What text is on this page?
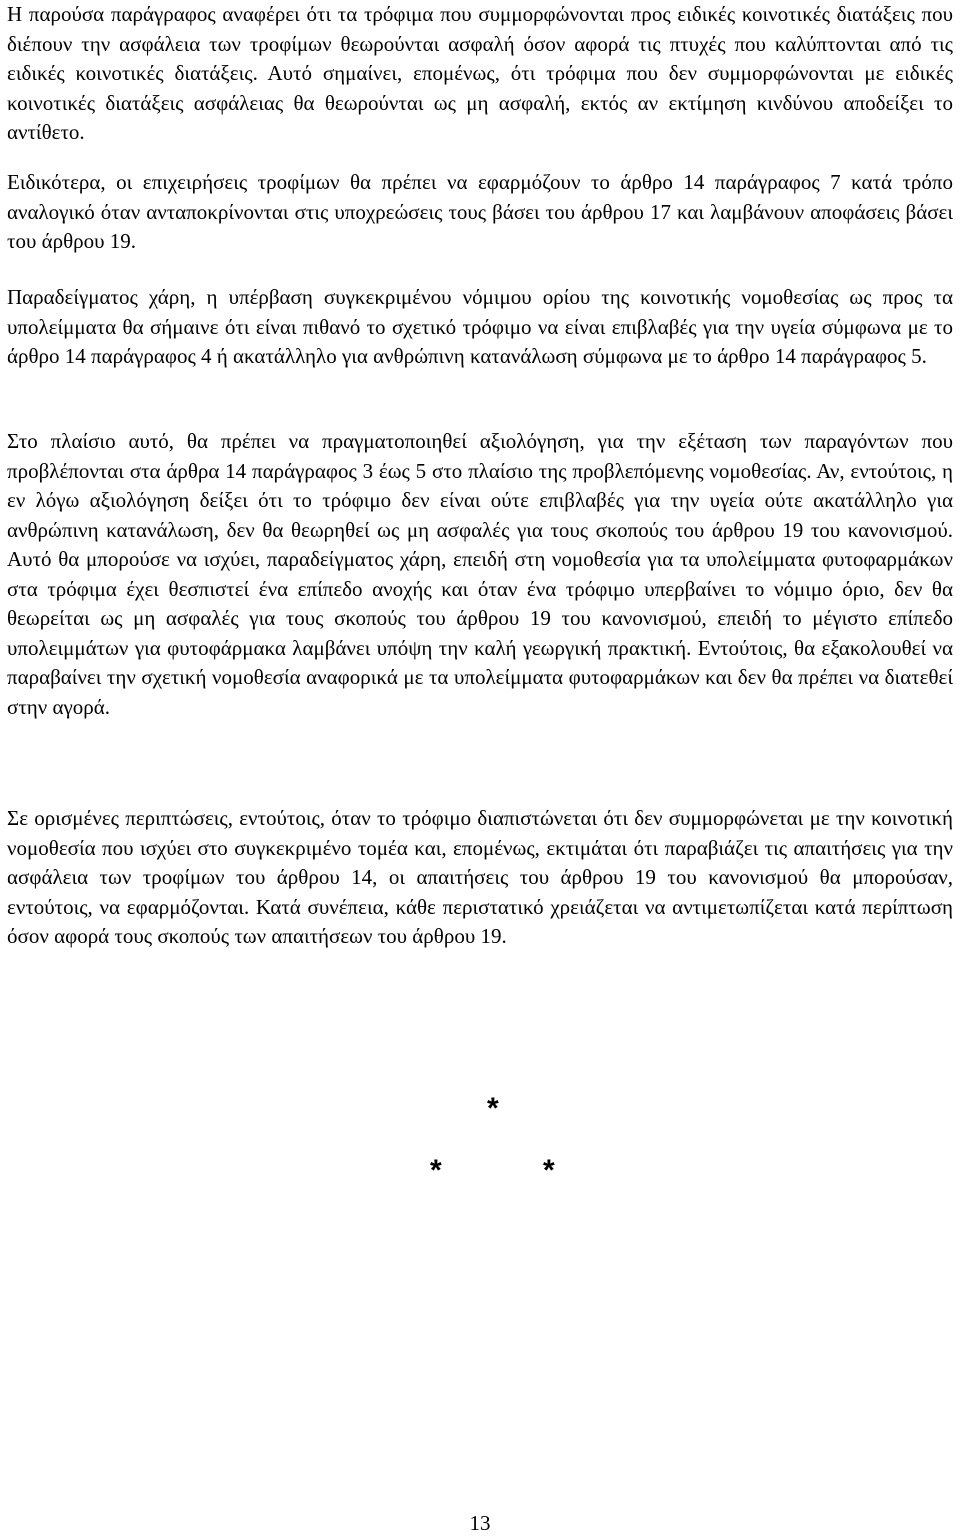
Η παρούσα παράγραφος αναφέρει ότι τα τρόφιμα που συμμορφώνονται προς ειδικές κοινοτικές διατάξεις που διέπουν την ασφάλεια των τροφίμων θεωρούνται ασφαλή όσον αφορά τις πτυχές που καλύπτονται από τις ειδικές κοινοτικές διατάξεις. Αυτό σημαίνει, επομένως, ότι τρόφιμα που δεν συμμορφώνονται με ειδικές κοινοτικές διατάξεις ασφάλειας θα θεωρούνται ως μη ασφαλή, εκτός αν εκτίμηση κινδύνου αποδείξει το αντίθετο.

Ειδικότερα, οι επιχειρήσεις τροφίμων θα πρέπει να εφαρμόζουν το άρθρο 14 παράγραφος 7 κατά τρόπο αναλογικό όταν ανταποκρίνονται στις υποχρεώσεις τους βάσει του άρθρου 17 και λαμβάνουν αποφάσεις βάσει του άρθρου 19.

Παραδείγματος χάρη, η υπέρβαση συγκεκριμένου νόμιμου ορίου της κοινοτικής νομοθεσίας ως προς τα υπολείμματα θα σήμαινε ότι είναι πιθανό το σχετικό τρόφιμο να είναι επιβλαβές για την υγεία σύμφωνα με το άρθρο 14 παράγραφος 4 ή ακατάλληλο για ανθρώπινη κατανάλωση σύμφωνα με το άρθρο 14 παράγραφος 5.

Στο πλαίσιο αυτό, θα πρέπει να πραγματοποιηθεί αξιολόγηση, για την εξέταση των παραγόντων που προβλέπονται στα άρθρα 14 παράγραφος 3 έως 5 στο πλαίσιο της προβλεπόμενης νομοθεσίας. Αν, εντούτοις, η εν λόγω αξιολόγηση δείξει ότι το τρόφιμο δεν είναι ούτε επιβλαβές για την υγεία ούτε ακατάλληλο για ανθρώπινη κατανάλωση, δεν θα θεωρηθεί ως μη ασφαλές για τους σκοπούς του άρθρου 19 του κανονισμού. Αυτό θα μπορούσε να ισχύει, παραδείγματος χάρη, επειδή στη νομοθεσία για τα υπολείμματα φυτοφαρμάκων στα τρόφιμα έχει θεσπιστεί ένα επίπεδο ανοχής και όταν ένα τρόφιμο υπερβαίνει το νόμιμο όριο, δεν θα θεωρείται ως μη ασφαλές για τους σκοπούς του άρθρου 19 του κανονισμού, επειδή το μέγιστο επίπεδο υπολειμμάτων για φυτοφάρμακα λαμβάνει υπόψη την καλή γεωργική πρακτική. Εντούτοις, θα εξακολουθεί να παραβαίνει την σχετική νομοθεσία αναφορικά με τα υπολείμματα φυτοφαρμάκων και δεν θα πρέπει να διατεθεί στην αγορά.

Σε ορισμένες περιπτώσεις, εντούτοις, όταν το τρόφιμο διαπιστώνεται ότι δεν συμμορφώνεται με την κοινοτική νομοθεσία που ισχύει στο συγκεκριμένο τομέα και, επομένως, εκτιμάται ότι παραβιάζει τις απαιτήσεις για την ασφάλεια των τροφίμων του άρθρου 14, οι απαιτήσεις του άρθρου 19 του κανονισμού θα μπορούσαν, εντούτοις, να εφαρμόζονται. Κατά συνέπεια, κάθε περιστατικό χρειάζεται να αντιμετωπίζεται κατά περίπτωση όσον αφορά τους σκοπούς των απαιτήσεων του άρθρου 19.

*
*	*
13
